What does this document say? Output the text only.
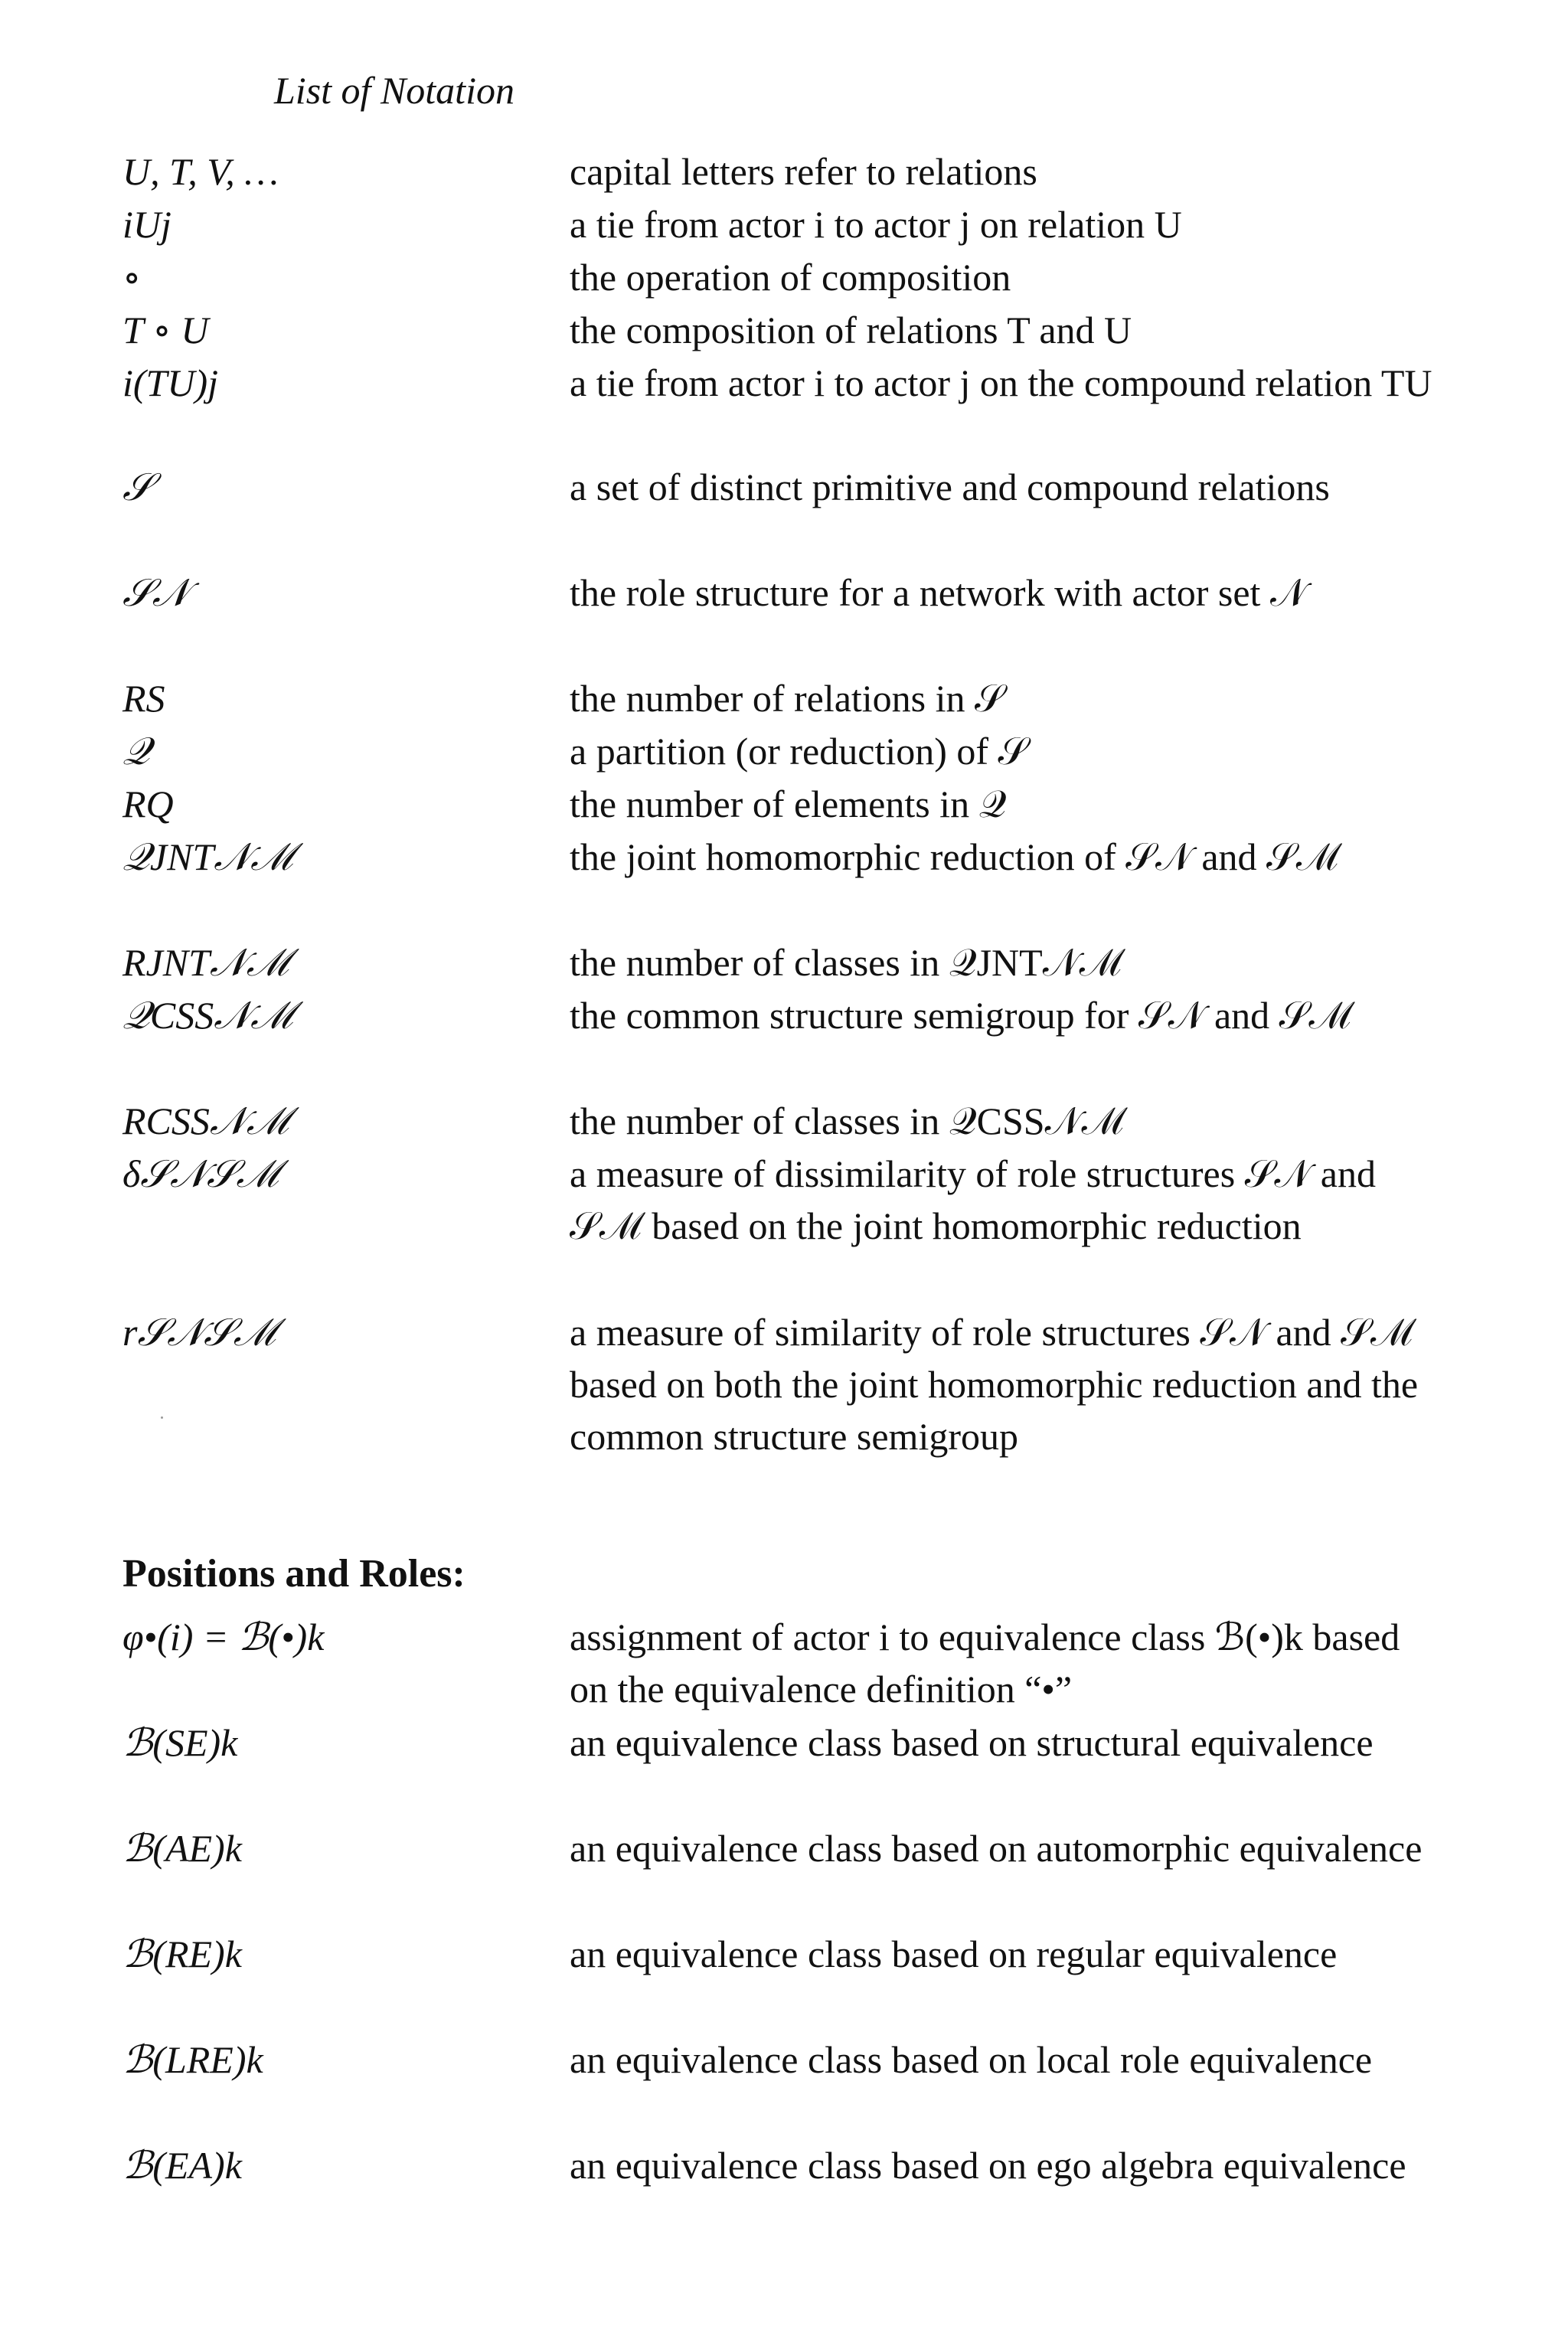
List of Notation
U, T, V, …	capital letters refer to relations
iUj	a tie from actor i to actor j on relation U
∘	the operation of composition
T ∘ U	the composition of relations T and U
i(TU)j	a tie from actor i to actor j on the compound relation TU
𝒮	a set of distinct primitive and compound relations
𝒮𝒩	the role structure for a network with actor set 𝒩
RS	the number of relations in 𝒮
𝒬	a partition (or reduction) of 𝒮
RQ	the number of elements in 𝒬
𝒬JNT𝒩ℳ	the joint homomorphic reduction of 𝒮𝒩 and 𝒮ℳ
RJNT𝒩ℳ	the number of classes in 𝒬JNT𝒩ℳ
𝒬CSS𝒩ℳ	the common structure semigroup for 𝒮𝒩 and 𝒮ℳ
RCSS𝒩ℳ	the number of classes in 𝒬CSS𝒩ℳ
δ𝒮𝒩𝒮ℳ	a measure of dissimilarity of role structures 𝒮𝒩 and 𝒮ℳ based on the joint homomorphic reduction
r𝒮𝒩𝒮ℳ	a measure of similarity of role structures 𝒮𝒩 and 𝒮ℳ based on both the joint homomorphic reduction and the common structure semigroup
Positions and Roles:
φ•(i) = ℬ(•)k	assignment of actor i to equivalence class ℬ(•)k based on the equivalence definition “•”
ℬ(SE)k	an equivalence class based on structural equivalence
ℬ(AE)k	an equivalence class based on automorphic equivalence
ℬ(RE)k	an equivalence class based on regular equivalence
ℬ(LRE)k	an equivalence class based on local role equivalence
ℬ(EA)k	an equivalence class based on ego algebra equivalence
